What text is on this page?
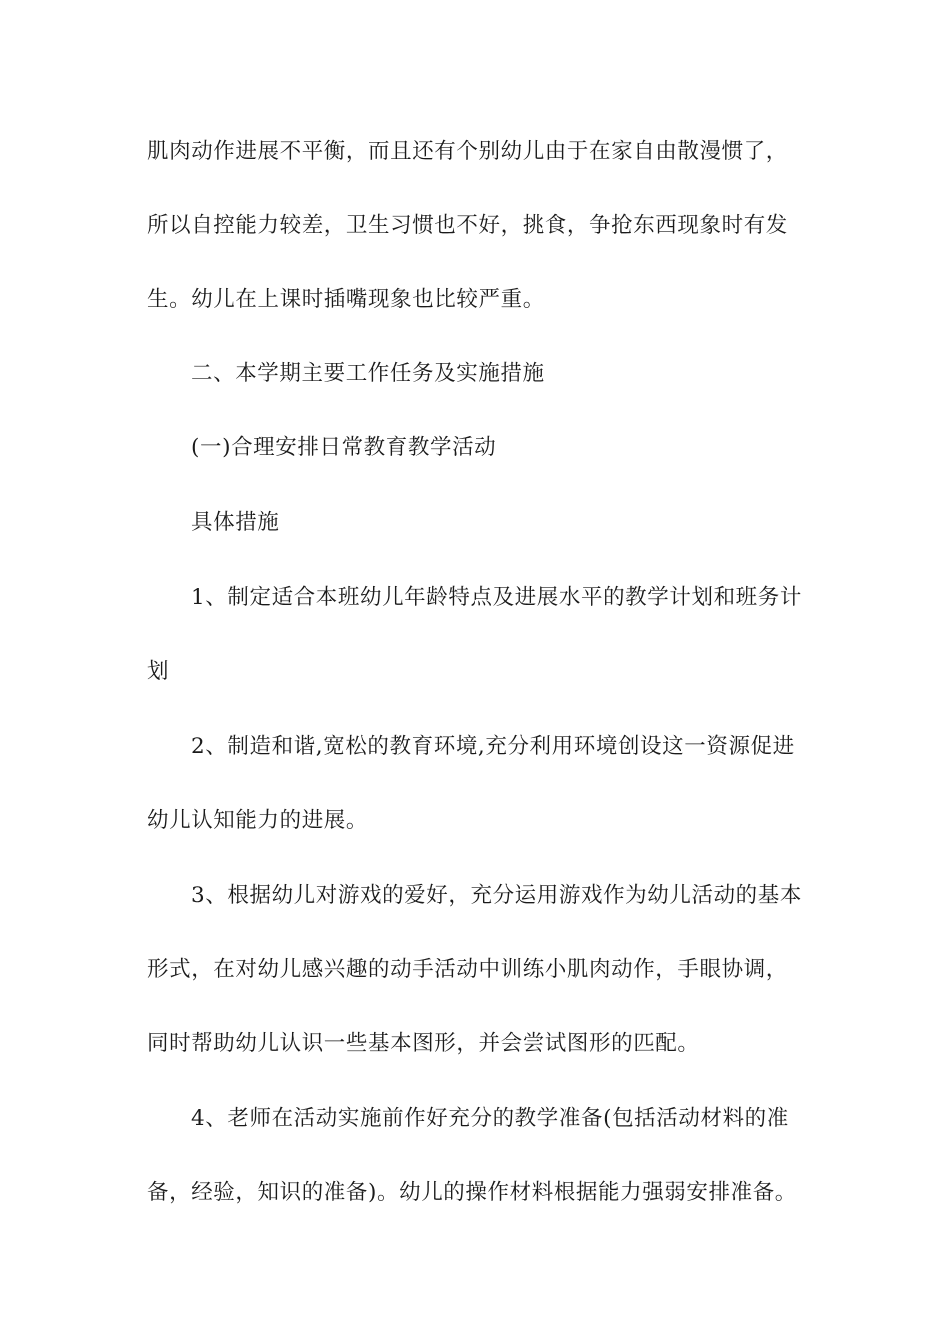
肌肉动作进展不平衡，而且还有个别幼儿由于在家自由散漫惯了，
所以自控能力较差，卫生习惯也不好，挑食，争抢东西现象时有发
生。幼儿在上课时插嘴现象也比较严重。
二、本学期主要工作任务及实施措施
(一)合理安排日常教育教学活动
具体措施
1、制定适合本班幼儿年龄特点及进展水平的教学计划和班务计
划
2、制造和谐,宽松的教育环境,充分利用环境创设这一资源促进
幼儿认知能力的进展。
3、根据幼儿对游戏的爱好，充分运用游戏作为幼儿活动的基本
形式，在对幼儿感兴趣的动手活动中训练小肌肉动作，手眼协调，
同时帮助幼儿认识一些基本图形，并会尝试图形的匹配。
4、老师在活动实施前作好充分的教学准备(包括活动材料的准
备，经验，知识的准备)。幼儿的操作材料根据能力强弱安排准备。
